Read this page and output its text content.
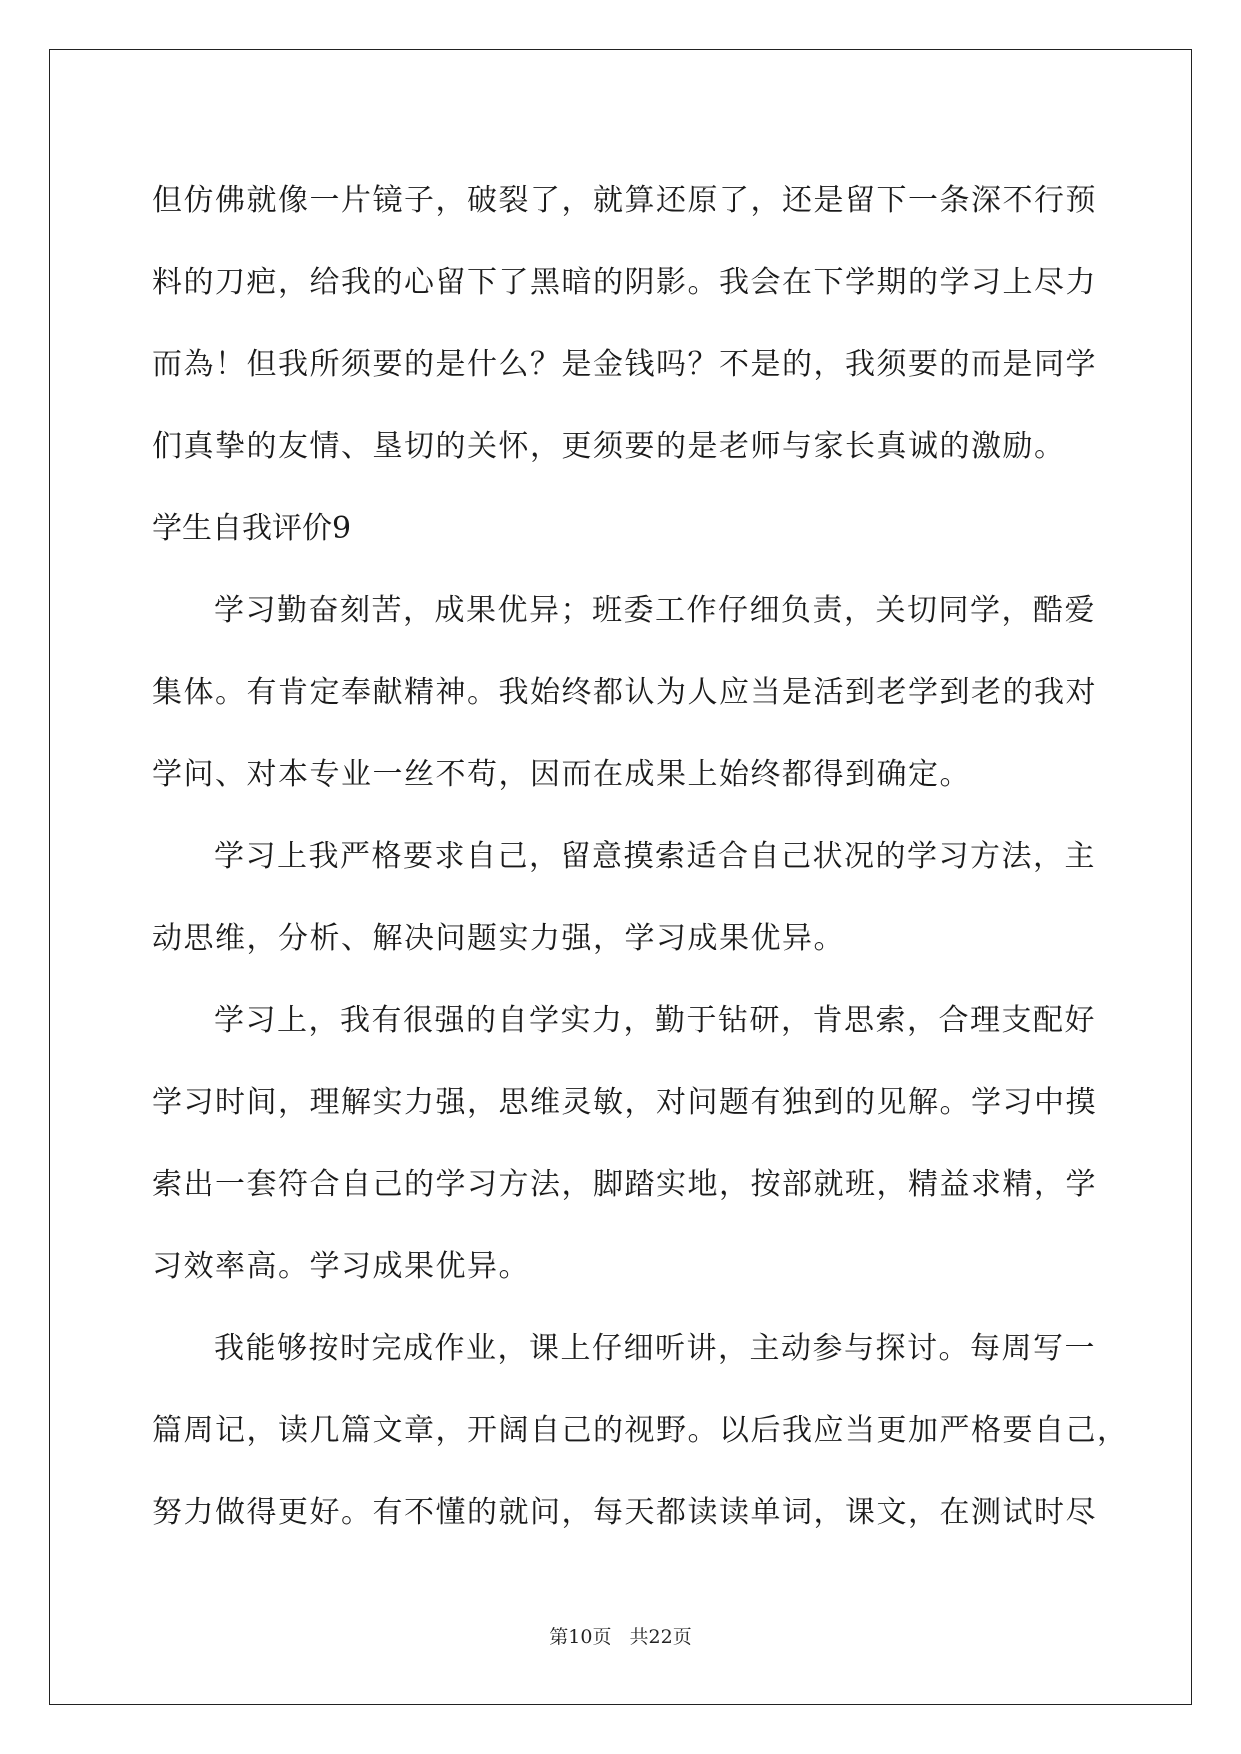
但仿佛就像一片镜子，破裂了，就算还原了，还是留下一条深不行预
料的刀疤，给我的心留下了黑暗的阴影。我会在下学期的学习上尽力
而為！但我所须要的是什么？是金钱吗？不是的，我须要的而是同学
们真挚的友情、垦切的关怀，更须要的是老师与家长真诚的激励。
学生自我评价9
学习勤奋刻苦，成果优异；班委工作仔细负责，关切同学，酷爱
集体。有肯定奉献精神。我始终都认为人应当是活到老学到老的我对
学问、对本专业一丝不苟，因而在成果上始终都得到确定。
学习上我严格要求自己，留意摸索适合自己状况的学习方法，主
动思维，分析、解决问题实力强，学习成果优异。
学习上，我有很强的自学实力，勤于钻研，肯思索，合理支配好
学习时间，理解实力强，思维灵敏，对问题有独到的见解。学习中摸
索出一套符合自己的学习方法，脚踏实地，按部就班，精益求精，学
习效率高。学习成果优异。
我能够按时完成作业，课上仔细听讲，主动参与探讨。每周写一
篇周记，读几篇文章，开阔自己的视野。以后我应当更加严格要自己，
努力做得更好。有不懂的就问，每天都读读单词，课文，在测试时尽
第10页 共22页
